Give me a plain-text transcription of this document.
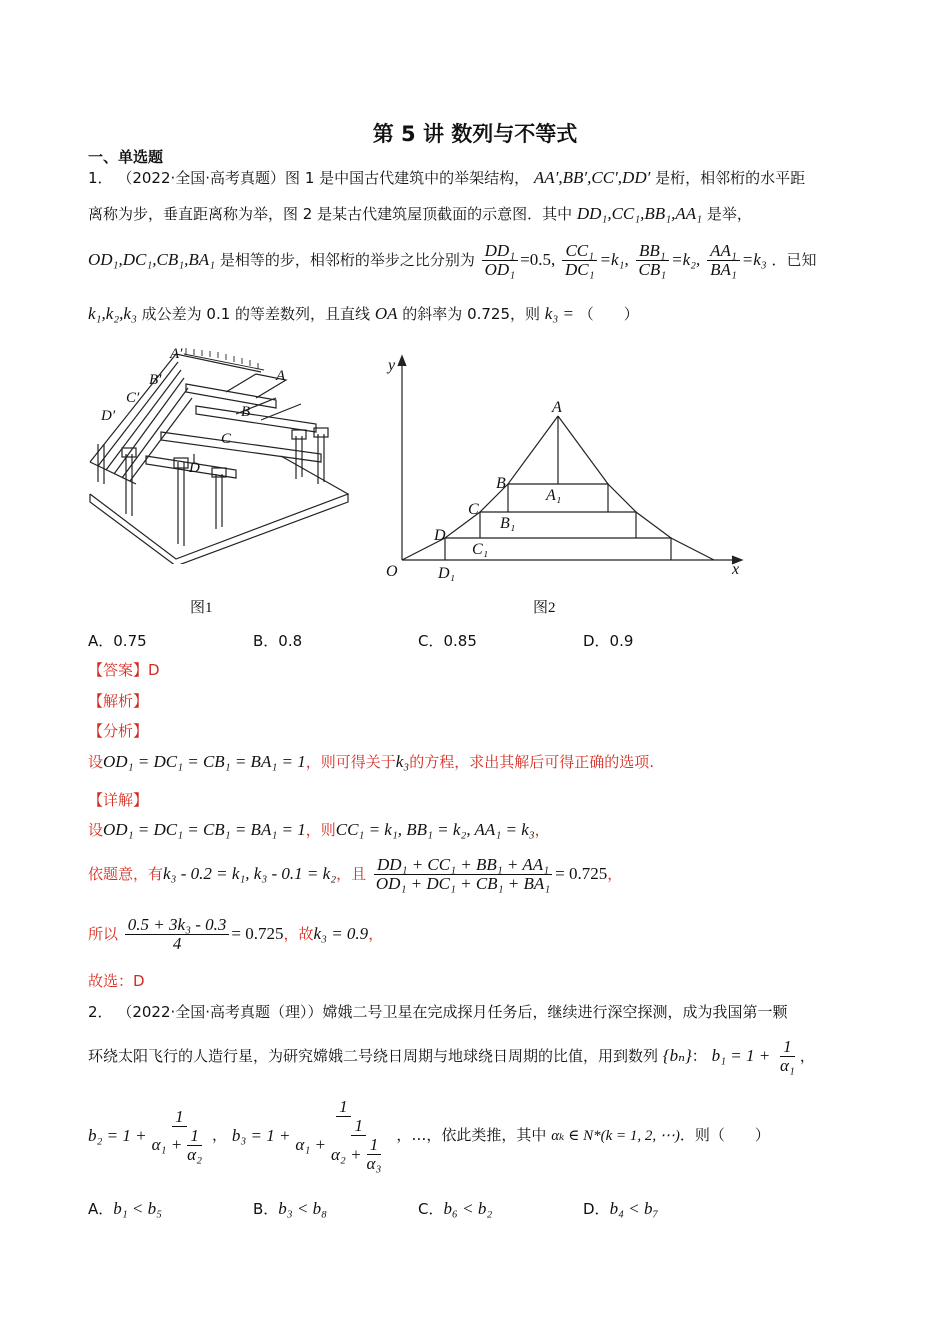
第 5 讲 数列与不等式
一、单选题
1． （2022·全国·高考真题）图 1 是中国古代建筑中的举架结构， AA′,BB′,CC′,DD′ 是桁，相邻桁的水平距
离称为步，垂直距离称为举，图 2 是某古代建筑屋顶截面的示意图．其中 DD₁,CC₁,BB₁,AA₁ 是举，
OD₁,DC₁,CB₁,BA₁ 是相等的步，相邻桁的举步之比分别为 $\frac{\text{DD₁}}{\text{OD₁}} =0.5$, $\frac{\text{CC₁}}{\text{DC₁}} =k_1$, $\frac{\text{BB₁}}{\text{CB₁}} =k_2$, $\frac{\text{AA₁}}{\text{BA₁}} =k_3$ ．已知
k₁,k₂,k₃ 成公差为 0.1 的等差数列，且直线 OA 的斜率为 0.725，则 k₃ = （　　）
A′
B′
C′
D′
A
B
C
D
y
x
O
A
B
C
D
A₁
B₁
C₁
D₁
图1	图2
A．0.75	B．0.8	C．0.85	D．0.9
【答案】D
【解析】
【分析】
设OD₁ = DC₁ = CB₁ = BA₁ = 1，则可得关于k₃的方程，求出其解后可得正确的选项.
【详解】
设OD₁ = DC₁ = CB₁ = BA₁ = 1，则CC₁ = k₁, BB₁ = k₂, AA₁ = k₃，
依题意，有k₃ - 0.2 = k₁, k₃ - 0.1 = k₂，且 $\frac{\text{DD₁ + CC₁ + BB₁ + AA₁}}{\text{OD₁ + DC₁ + CB₁ + BA₁}} = 0.725$，
所以 $\frac{\text{0.5 + 3k₃ - 0.3}}{4} = 0.725$，故k₃ = 0.9，
故选：D
2． （2022·全国·高考真题（理））嫦娥二号卫星在完成探月任务后，继续进行深空探测，成为我国第一颗
环绕太阳飞行的人造行星，为研究嫦娥二号绕日周期与地球绕日周期的比值，用到数列 {bₙ}： $b_1 = 1 + \frac{1}{\text{α₁}}$ ，
$b_2 = 1 + \frac{1}{\alpha_1 + \frac{1}{\text{α₂}}}$ ， $b_3 = 1 + \frac{1}{\alpha_1 + \frac{1}{\alpha_2 + \frac{1}{\text{α₃}}}}$ ，…，依此类推，其中 αₖ ∈ N*(k = 1, 2, ⋯)．则（　　）
A．b₁ < b₅	B．b₃ < b₈	C．b₆ < b₂	D．b₄ < b₇
